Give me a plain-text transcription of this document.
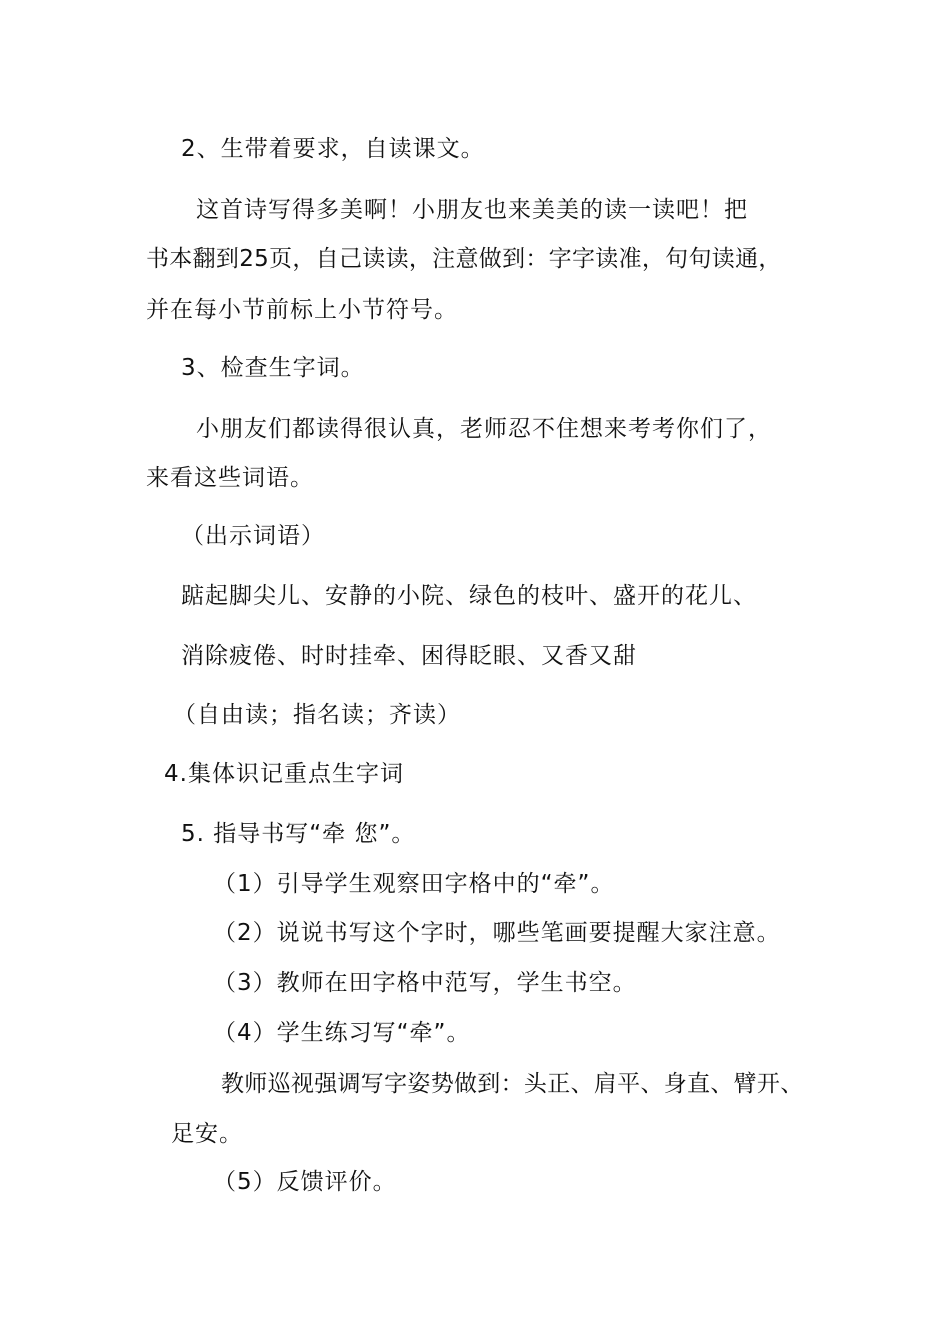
2、生带着要求，自读课文。
这首诗写得多美啊！小朋友也来美美的读一读吧！把
书本翻到25页，自己读读，注意做到：字字读准，句句读通，
并在每小节前标上小节符号。
3、检查生字词。
小朋友们都读得很认真，老师忍不住想来考考你们了，
来看这些词语。
（出示词语）
踮起脚尖儿、安静的小院、绿色的枝叶、盛开的花儿、
消除疲倦、时时挂牵、困得眨眼、又香又甜
（自由读；指名读；齐读）
4.集体识记重点生字词
5. 指导书写“牵 您”。
（1）引导学生观察田字格中的“牵”。
（2）说说书写这个字时，哪些笔画要提醒大家注意。
（3）教师在田字格中范写，学生书空。
（4）学生练习写“牵”。
教师巡视强调写字姿势做到：头正、肩平、身直、臂开、
足安。
（5）反馈评价。
